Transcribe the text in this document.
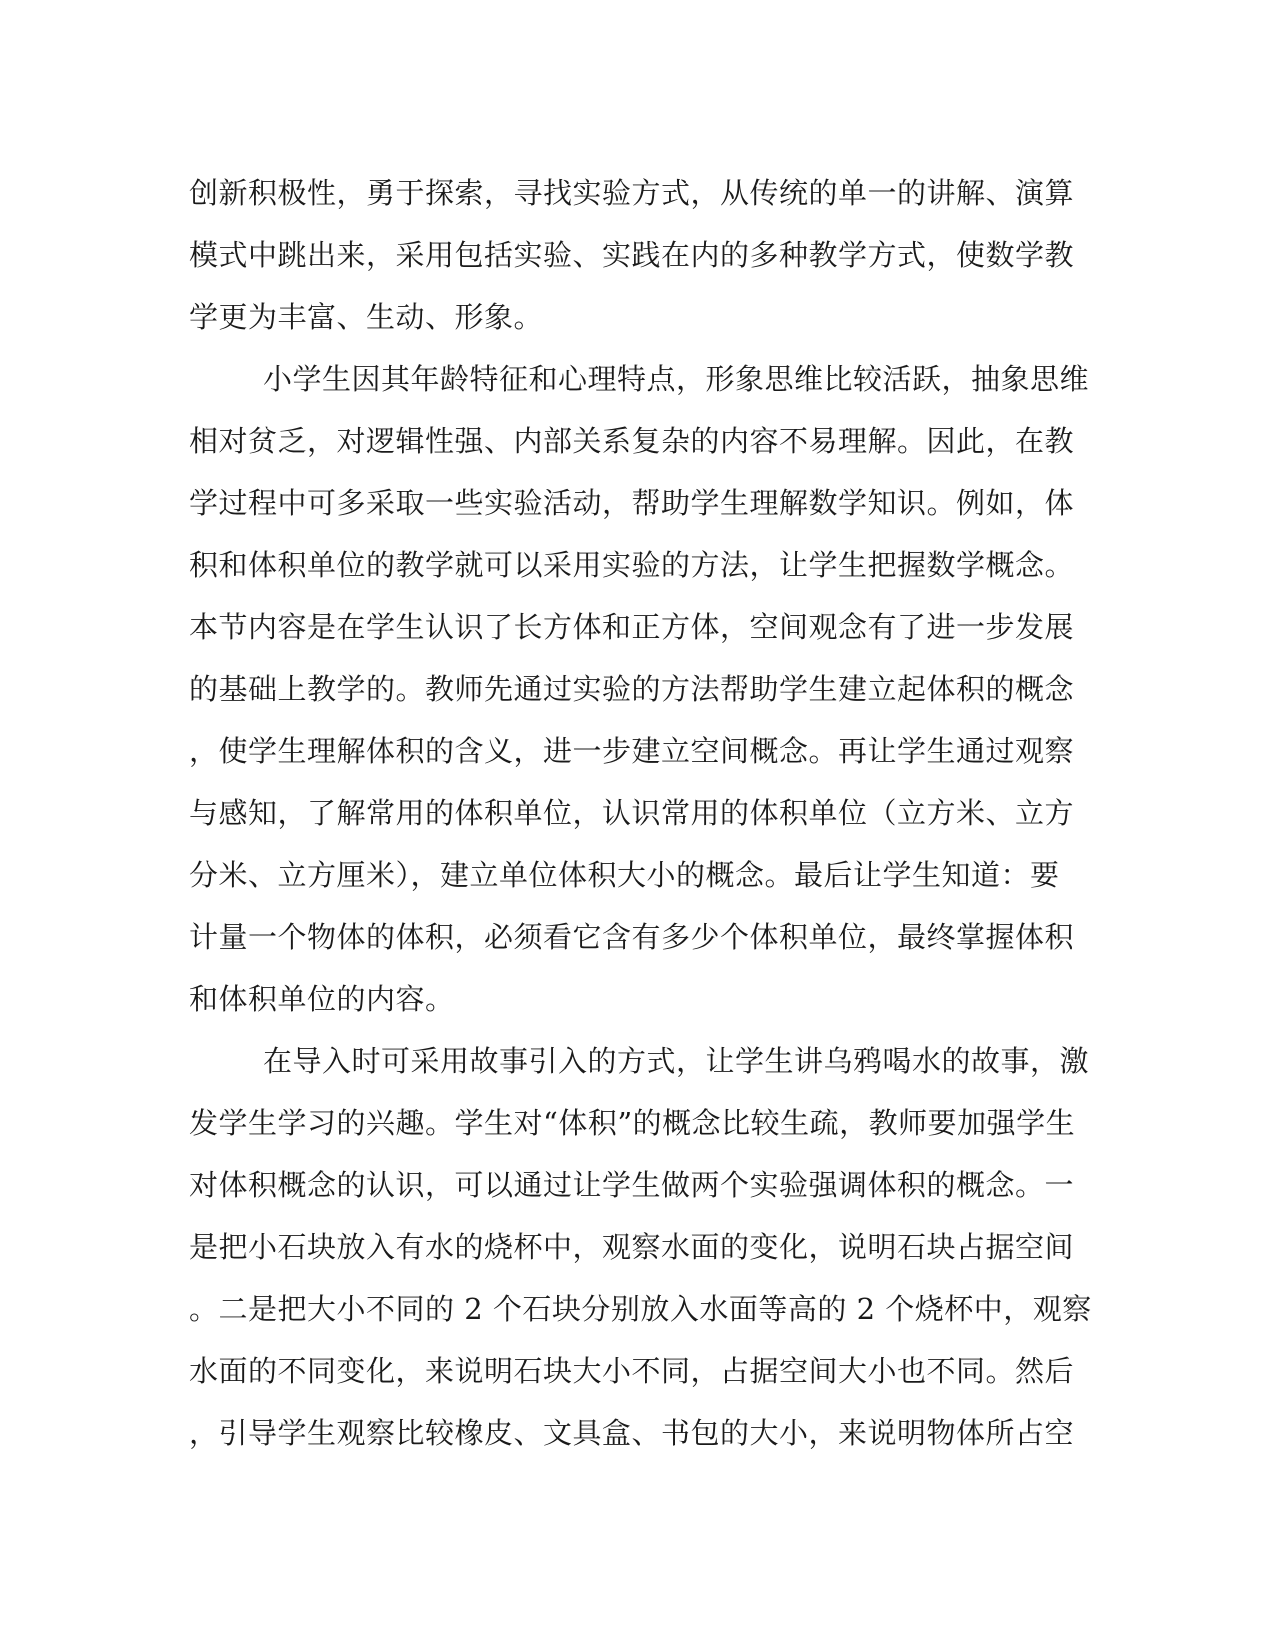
创新积极性，勇于探索，寻找实验方式，从传统的单一的讲解、演算
模式中跳出来，采用包括实验、实践在内的多种教学方式，使数学教
学更为丰富、生动、形象。
小学生因其年龄特征和心理特点，形象思维比较活跃，抽象思维
相对贫乏，对逻辑性强、内部关系复杂的内容不易理解。因此，在教
学过程中可多采取一些实验活动，帮助学生理解数学知识。例如，体
积和体积单位的教学就可以采用实验的方法，让学生把握数学概念。
本节内容是在学生认识了长方体和正方体，空间观念有了进一步发展
的基础上教学的。教师先通过实验的方法帮助学生建立起体积的概念
，使学生理解体积的含义，进一步建立空间概念。再让学生通过观察
与感知，了解常用的体积单位，认识常用的体积单位（立方米、立方
分米、立方厘米），建立单位体积大小的概念。最后让学生知道：要
计量一个物体的体积，必须看它含有多少个体积单位，最终掌握体积
和体积单位的内容。
在导入时可采用故事引入的方式，让学生讲乌鸦喝水的故事，激
发学生学习的兴趣。学生对“体积”的概念比较生疏，教师要加强学生
对体积概念的认识，可以通过让学生做两个实验强调体积的概念。一
是把小石块放入有水的烧杯中，观察水面的变化，说明石块占据空间
。二是把大小不同的 2 个石块分别放入水面等高的 2 个烧杯中，观察
水面的不同变化，来说明石块大小不同，占据空间大小也不同。然后
，引导学生观察比较橡皮、文具盒、书包的大小，来说明物体所占空
